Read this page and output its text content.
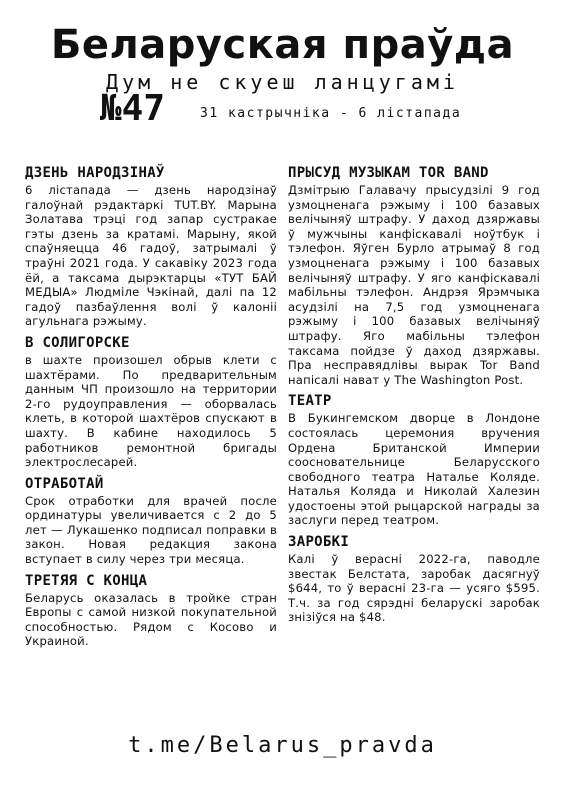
Беларуская праўда
Дум не скуеш ланцугамі
№47	31 кастрычніка - 6 лістапада
ДЗЕНЬ НАРОДЗІНАЎ
6 лістапада — дзень народзінаў галоўнай рэдактаркі TUT.BY. Марына Золатава трэці год запар сустракае гэты дзень за кратамі. Марыну, якой спаўняецца 46 гадоў, затрымалі ў траўні 2021 года. У сакавіку 2023 года ёй, а таксама дырэктарцы «ТУТ БАЙ МЕДЫА» Людміле Чэкінай, далі па 12 гадоў пазбаўлення волі ў калоніі агульнага рэжыму.
В СОЛИГОРСКЕ
в шахте произошел обрыв клети с шахтёрами. По предварительным данным ЧП произошло на территории 2-го рудоуправления — оборвалась клеть, в которой шахтёров спускают в шахту. В кабине находилось 5 работников ремонтной бригады электрослесарей.
ОТРАБОТАЙ
Срок отработки для врачей после ординатуры увеличивается с 2 до 5 лет — Лукашенко подписал поправки в закон. Новая редакция закона вступает в силу через три месяца.
ТРЕТЯЯ С КОНЦА
Беларусь оказалась в тройке стран Европы с самой низкой покупательной способностью. Рядом с Косово и Украиной.
ПРЫСУД МУЗЫКАМ TOR BAND
Дзмітрыю Галавачу прысудзілі 9 год узмоцненага рэжыму і 100 базавых велічыняў штрафу. У даход дзяржавы ў мужчыны канфіскавалі ноўтбук і тэлефон. Яўген Бурло атрымаў 8 год узмоцненага рэжыму і 100 базавых велічыняў штрафу. У яго канфіскавалі мабільны тэлефон. Андрэя Ярэмчыка асудзілі на 7,5 год узмоцненага рэжыму і 100 базавых велічыняў штрафу. Яго мабільны тэлефон таксама пойдзе ў даход дзяржавы. Пра несправядлівы вырак Tor Band напісалі нават у The Washington Post.
ТЕАТР
В Букингемском дворце в Лондоне состоялась церемония вручения Ордена Британской Империи соосновательнице Беларусского свободного театра Наталье Коляде. Наталья Коляда и Николай Халезин удостоены этой рыцарской награды за заслуги перед театром.
ЗАРОБКІ
Калі ў верасні 2022-га, паводле звестак Белстата, заробак дасягнуў $644, то ў верасні 23-га — усяго $595. Т.ч. за год сярэдні беларускі заробак знізіўся на $48.
t.me/Belarus_pravda
